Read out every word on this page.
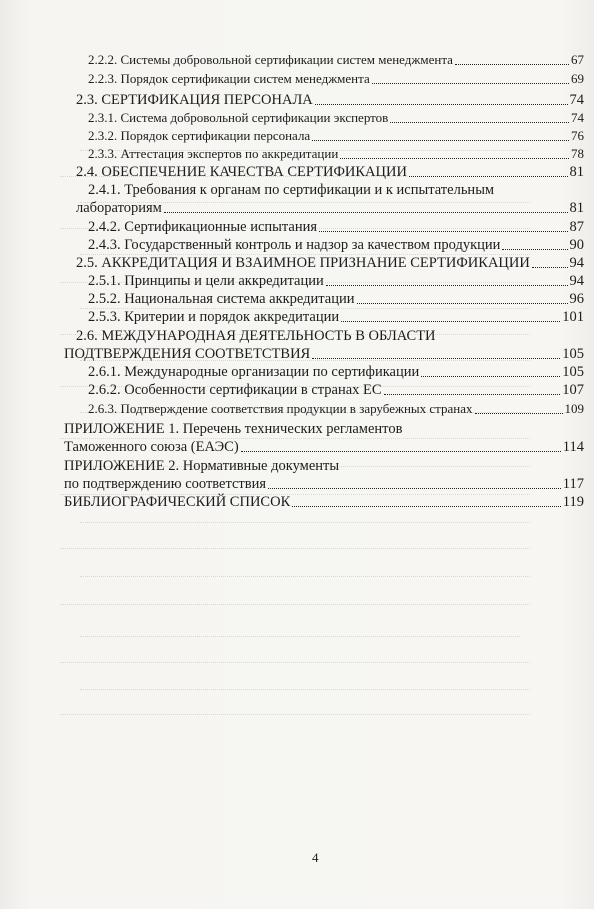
2.2.2. Системы добровольной сертификации систем менеджмента	67
2.2.3. Порядок сертификации систем менеджмента	69
2.3. СЕРТИФИКАЦИЯ ПЕРСОНАЛА	74
2.3.1. Система добровольной сертификации экспертов	74
2.3.2. Порядок сертификации персонала	76
2.3.3. Аттестация экспертов по аккредитации	78
2.4. ОБЕСПЕЧЕНИЕ КАЧЕСТВА СЕРТИФИКАЦИИ	81
2.4.1. Требования к органам по сертификации и к испытательным
лабораториям	81
2.4.2. Сертификационные испытания	87
2.4.3. Государственный контроль и надзор за качеством продукции	90
2.5. АККРЕДИТАЦИЯ И ВЗАИМНОЕ ПРИЗНАНИЕ СЕРТИФИКАЦИИ	94
2.5.1. Принципы и цели аккредитации	94
2.5.2. Национальная система аккредитации	96
2.5.3. Критерии и порядок аккредитации	101
2.6. МЕЖДУНАРОДНАЯ ДЕЯТЕЛЬНОСТЬ В ОБЛАСТИ
ПОДТВЕРЖДЕНИЯ СООТВЕТСТВИЯ	105
2.6.1. Международные организации по сертификации	105
2.6.2. Особенности сертификации в странах ЕС	107
2.6.3. Подтверждение соответствия продукции в зарубежных странах	109
ПРИЛОЖЕНИЕ 1. Перечень технических регламентов
Таможенного союза (ЕАЭС)	114
ПРИЛОЖЕНИЕ 2. Нормативные документы
по подтверждению соответствия	117
БИБЛИОГРАФИЧЕСКИЙ СПИСОК	119
4
